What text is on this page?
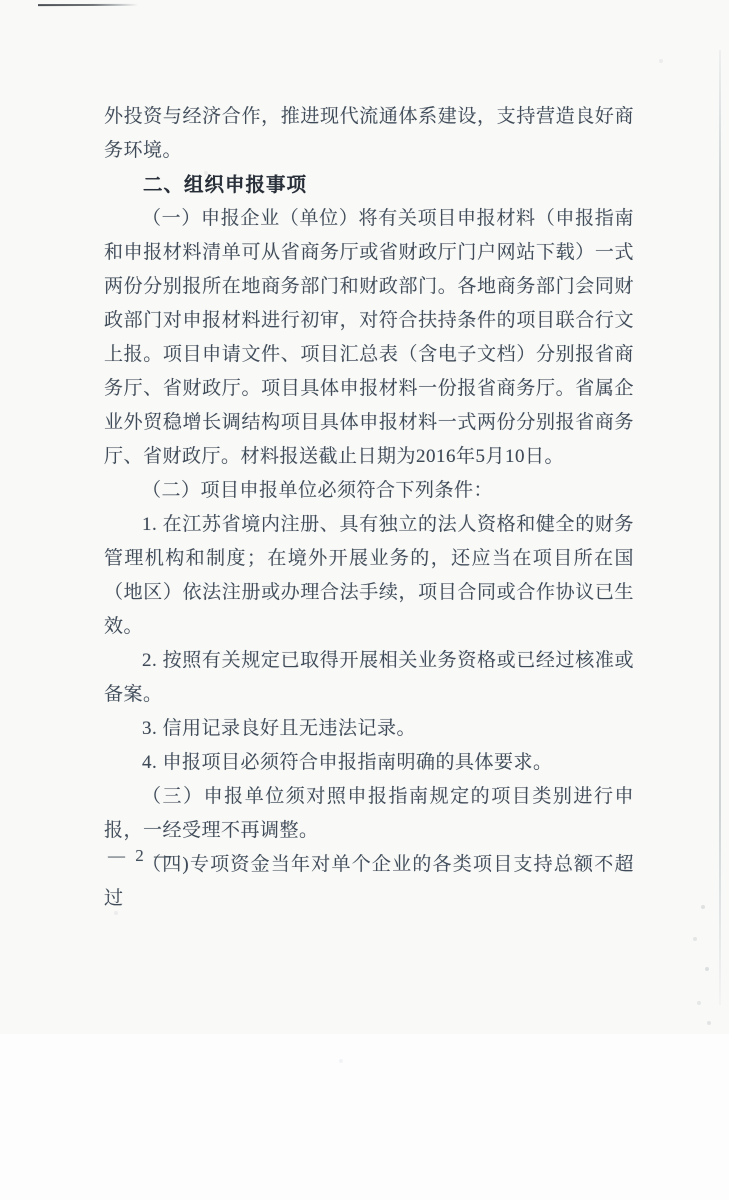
外投资与经济合作，推进现代流通体系建设，支持营造良好商务环境。

二、组织申报事项

（一）申报企业（单位）将有关项目申报材料（申报指南和申报材料清单可从省商务厅或省财政厅门户网站下载）一式两份分别报所在地商务部门和财政部门。各地商务部门会同财政部门对申报材料进行初审，对符合扶持条件的项目联合行文上报。项目申请文件、项目汇总表（含电子文档）分别报省商务厅、省财政厅。项目具体申报材料一份报省商务厅。省属企业外贸稳增长调结构项目具体申报材料一式两份分别报省商务厅、省财政厅。材料报送截止日期为2016年5月10日。

（二）项目申报单位必须符合下列条件：

1. 在江苏省境内注册、具有独立的法人资格和健全的财务管理机构和制度；在境外开展业务的，还应当在项目所在国（地区）依法注册或办理合法手续，项目合同或合作协议已生效。

2. 按照有关规定已取得开展相关业务资格或已经过核准或备案。

3. 信用记录良好且无违法记录。

4. 申报项目必须符合申报指南明确的具体要求。

（三）申报单位须对照申报指南规定的项目类别进行申报，一经受理不再调整。

（四)专项资金当年对单个企业的各类项目支持总额不超过

— 2 —
